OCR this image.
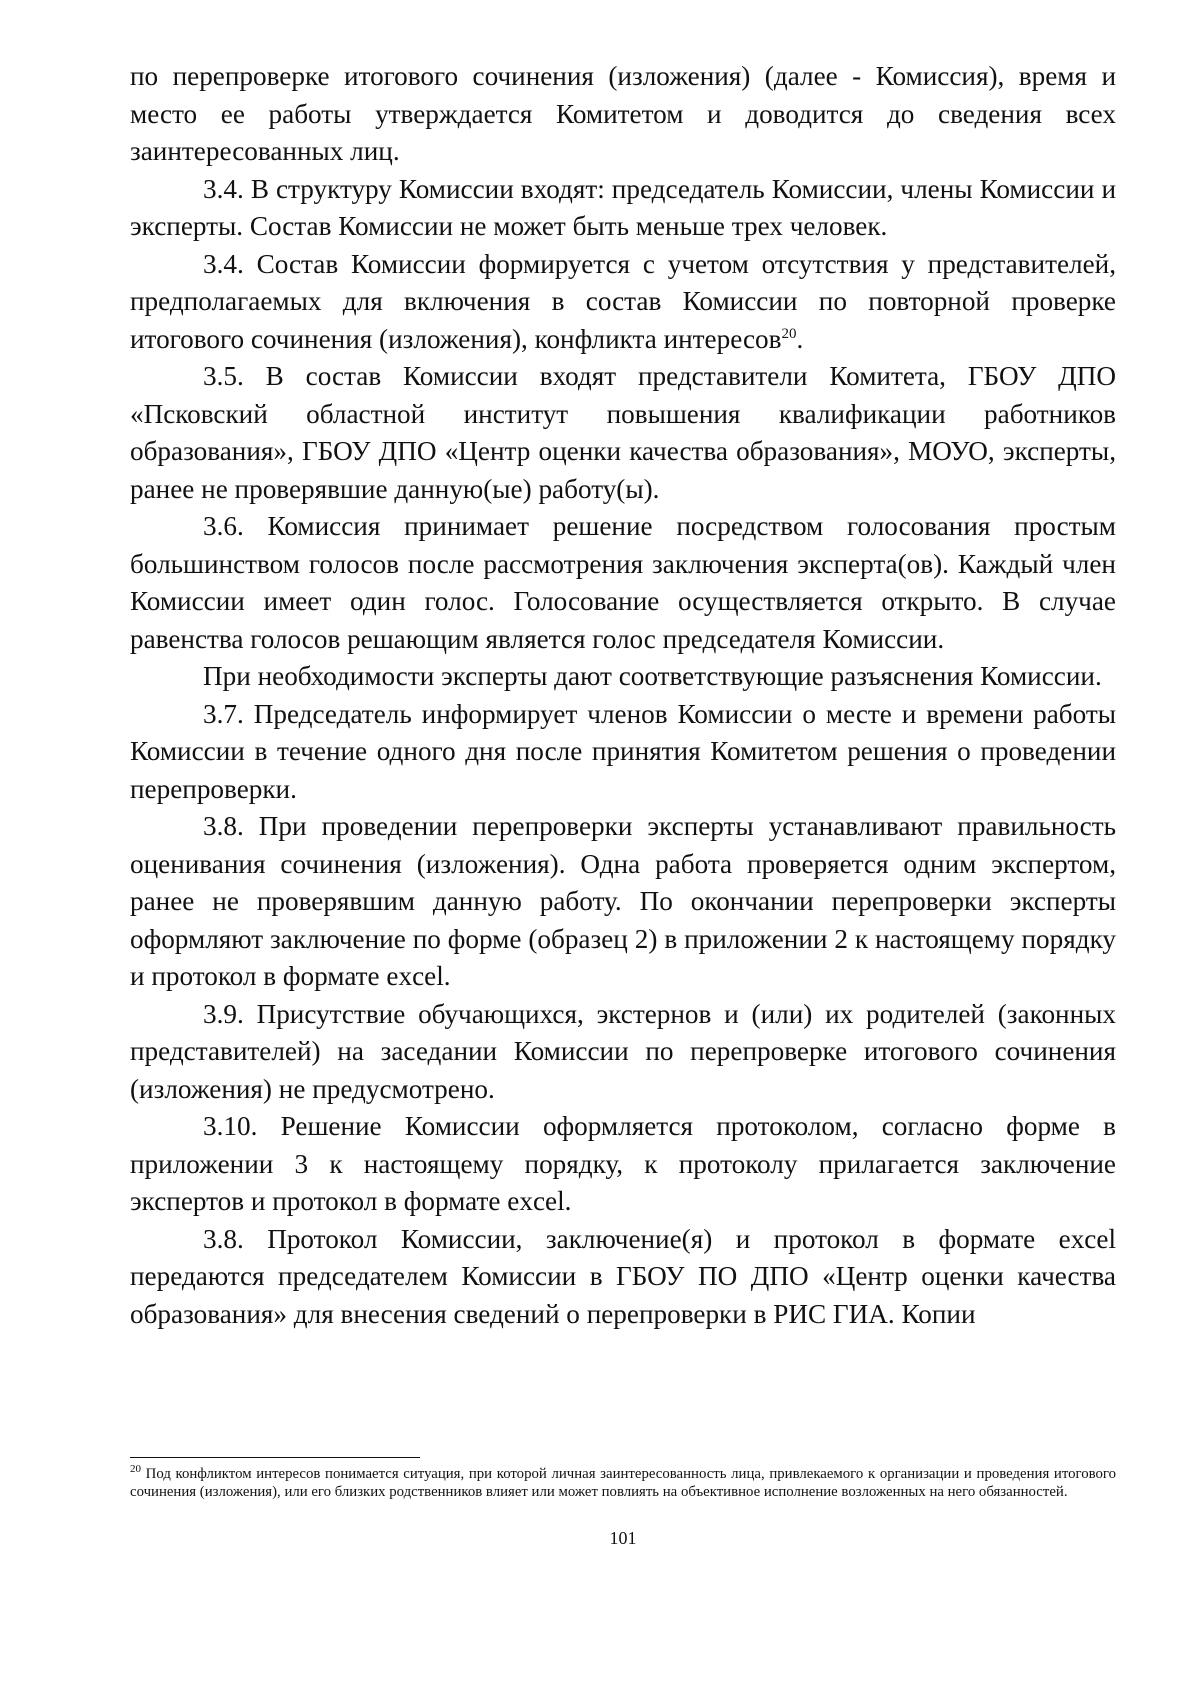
по перепроверке итогового сочинения (изложения) (далее - Комиссия), время и место ее работы утверждается Комитетом и доводится до сведения всех заинтересованных лиц.

3.4. В структуру Комиссии входят: председатель Комиссии, члены Комиссии и эксперты. Состав Комиссии не может быть меньше трех человек.

3.4. Состав Комиссии формируется с учетом отсутствия у представителей, предполагаемых для включения в состав Комиссии по повторной проверке итогового сочинения (изложения), конфликта интересов$^{20}$.

3.5. В состав Комиссии входят представители Комитета, ГБОУ ДПО «Псковский областной институт повышения квалификации работников образования», ГБОУ ДПО «Центр оценки качества образования», МОУО, эксперты, ранее не проверявшие данную(ые) работу(ы).

3.6. Комиссия принимает решение посредством голосования простым большинством голосов после рассмотрения заключения эксперта(ов). Каждый член Комиссии имеет один голос. Голосование осуществляется открыто. В случае равенства голосов решающим является голос председателя Комиссии.

При необходимости эксперты дают соответствующие разъяснения Комиссии.

3.7. Председатель информирует членов Комиссии о месте и времени работы Комиссии в течение одного дня после принятия Комитетом решения о проведении перепроверки.

3.8. При проведении перепроверки эксперты устанавливают правильность оценивания сочинения (изложения). Одна работа проверяется одним экспертом, ранее не проверявшим данную работу. По окончании перепроверки эксперты оформляют заключение по форме (образец 2) в приложении 2 к настоящему порядку и протокол в формате excel.

3.9. Присутствие обучающихся, экстернов и (или) их родителей (законных представителей) на заседании Комиссии по перепроверке итогового сочинения (изложения) не предусмотрено.

3.10. Решение Комиссии оформляется протоколом, согласно форме в приложении 3 к настоящему порядку, к протоколу прилагается заключение экспертов и протокол в формате excel.

3.8. Протокол Комиссии, заключение(я) и протокол в формате excel передаются председателем Комиссии в ГБОУ ПО ДПО «Центр оценки качества образования» для внесения сведений о перепроверки в РИС ГИА. Копии

$^{20}$ Под конфликтом интересов понимается ситуация, при которой личная заинтересованность лица, привлекаемого к организации и проведения итогового сочинения (изложения), или его близких родственников влияет или может повлиять на объективное исполнение возложенных на него обязанностей.

101
